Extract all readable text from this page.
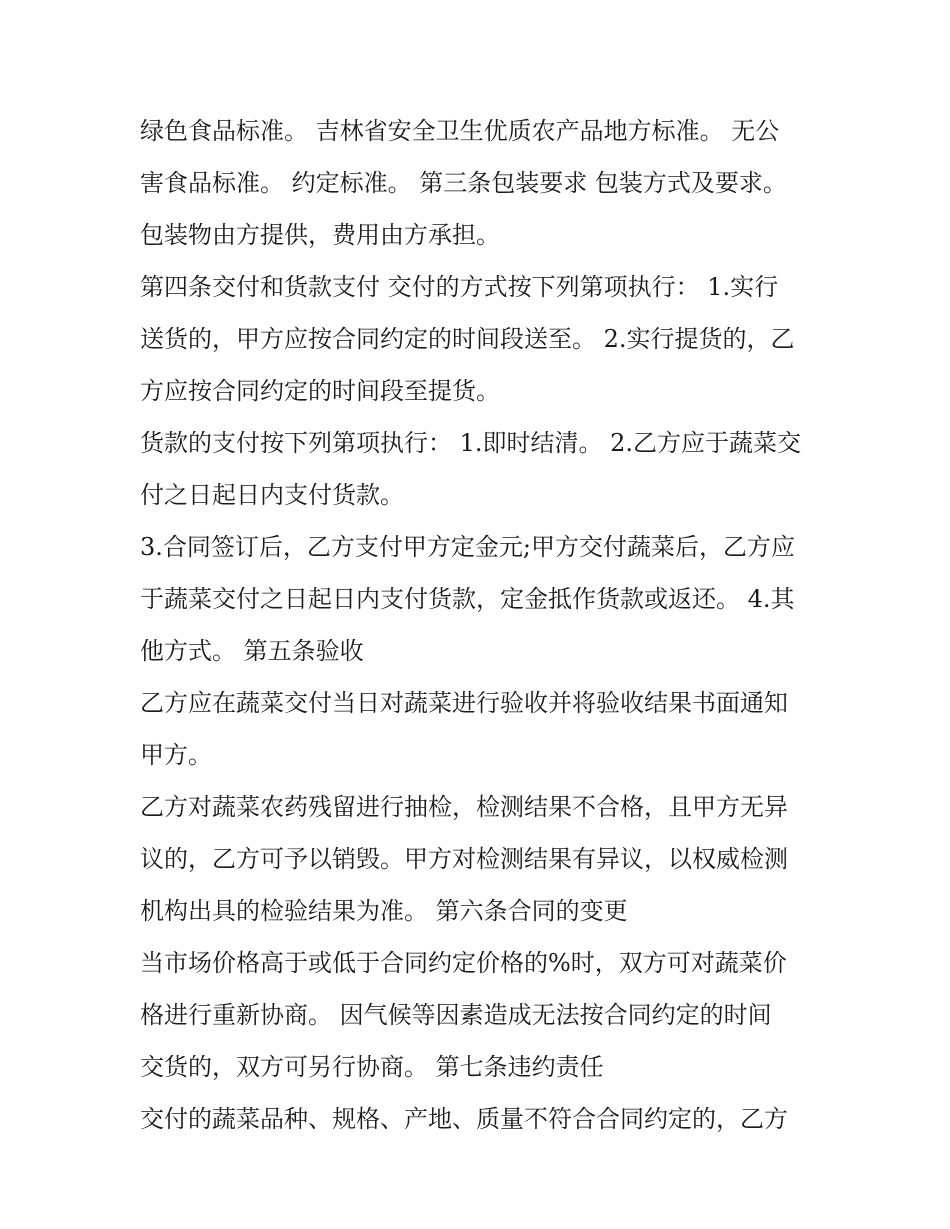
绿色食品标准。 吉林省安全卫生优质农产品地方标准。 无公
害食品标准。 约定标准。 第三条包装要求 包装方式及要求。
包装物由方提供，费用由方承担。
第四条交付和货款支付 交付的方式按下列第项执行： 1.实行
送货的，甲方应按合同约定的时间段送至。 2.实行提货的，乙
方应按合同约定的时间段至提货。
货款的支付按下列第项执行： 1.即时结清。 2.乙方应于蔬菜交
付之日起日内支付货款。
3.合同签订后，乙方支付甲方定金元;甲方交付蔬菜后，乙方应
于蔬菜交付之日起日内支付货款，定金抵作货款或返还。 4.其
他方式。 第五条验收
乙方应在蔬菜交付当日对蔬菜进行验收并将验收结果书面通知
甲方。
乙方对蔬菜农药残留进行抽检，检测结果不合格，且甲方无异
议的，乙方可予以销毁。甲方对检测结果有异议，以权威检测
机构出具的检验结果为准。 第六条合同的变更
当市场价格高于或低于合同约定价格的%时，双方可对蔬菜价
格进行重新协商。 因气候等因素造成无法按合同约定的时间
交货的，双方可另行协商。 第七条违约责任
交付的蔬菜品种、规格、产地、质量不符合合同约定的，乙方
